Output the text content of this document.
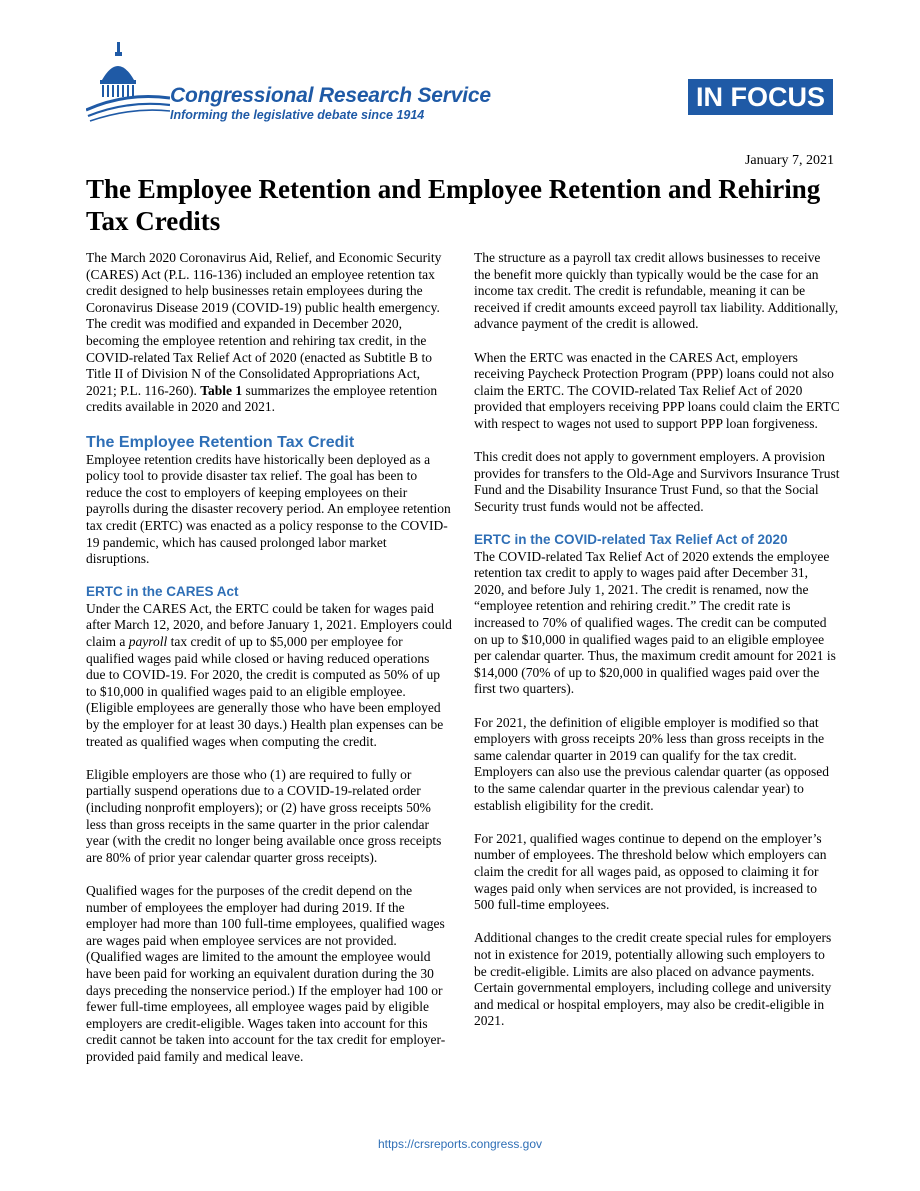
Congressional Research Service
Informing the legislative debate since 1914
IN FOCUS
January 7, 2021
The Employee Retention and Employee Retention and Rehiring Tax Credits

The March 2020 Coronavirus Aid, Relief, and Economic Security (CARES) Act (P.L. 116-136) included an employee retention tax credit designed to help businesses retain employees during the Coronavirus Disease 2019 (COVID-19) public health emergency. The credit was modified and expanded in December 2020, becoming the employee retention and rehiring tax credit, in the COVID-related Tax Relief Act of 2020 (enacted as Subtitle B to Title II of Division N of the Consolidated Appropriations Act, 2021; P.L. 116-260). Table 1 summarizes the employee retention credits available in 2020 and 2021.

The Employee Retention Tax Credit

Employee retention credits have historically been deployed as a policy tool to provide disaster tax relief. The goal has been to reduce the cost to employers of keeping employees on their payrolls during the disaster recovery period. An employee retention tax credit (ERTC) was enacted as a policy response to the COVID-19 pandemic, which has caused prolonged labor market disruptions.

ERTC in the CARES Act

Under the CARES Act, the ERTC could be taken for wages paid after March 12, 2020, and before January 1, 2021. Employers could claim a payroll tax credit of up to $5,000 per employee for qualified wages paid while closed or having reduced operations due to COVID-19. For 2020, the credit is computed as 50% of up to $10,000 in qualified wages paid to an eligible employee. (Eligible employees are generally those who have been employed by the employer for at least 30 days.) Health plan expenses can be treated as qualified wages when computing the credit.

Eligible employers are those who (1) are required to fully or partially suspend operations due to a COVID-19-related order (including nonprofit employers); or (2) have gross receipts 50% less than gross receipts in the same quarter in the prior calendar year (with the credit no longer being available once gross receipts are 80% of prior year calendar quarter gross receipts).

Qualified wages for the purposes of the credit depend on the number of employees the employer had during 2019. If the employer had more than 100 full-time employees, qualified wages are wages paid when employee services are not provided. (Qualified wages are limited to the amount the employee would have been paid for working an equivalent duration during the 30 days preceding the nonservice period.) If the employer had 100 or fewer full-time employees, all employee wages paid by eligible employers are credit-eligible. Wages taken into account for this credit cannot be taken into account for the tax credit for employer-provided paid family and medical leave.

The structure as a payroll tax credit allows businesses to receive the benefit more quickly than typically would be the case for an income tax credit. The credit is refundable, meaning it can be received if credit amounts exceed payroll tax liability. Additionally, advance payment of the credit is allowed.

When the ERTC was enacted in the CARES Act, employers receiving Paycheck Protection Program (PPP) loans could not also claim the ERTC. The COVID-related Tax Relief Act of 2020 provided that employers receiving PPP loans could claim the ERTC with respect to wages not used to support PPP loan forgiveness.

This credit does not apply to government employers. A provision provides for transfers to the Old-Age and Survivors Insurance Trust Fund and the Disability Insurance Trust Fund, so that the Social Security trust funds would not be affected.

ERTC in the COVID-related Tax Relief Act of 2020

The COVID-related Tax Relief Act of 2020 extends the employee retention tax credit to apply to wages paid after December 31, 2020, and before July 1, 2021. The credit is renamed, now the “employee retention and rehiring credit.” The credit rate is increased to 70% of qualified wages. The credit can be computed on up to $10,000 in qualified wages paid to an eligible employee per calendar quarter. Thus, the maximum credit amount for 2021 is $14,000 (70% of up to $20,000 in qualified wages paid over the first two quarters).

For 2021, the definition of eligible employer is modified so that employers with gross receipts 20% less than gross receipts in the same calendar quarter in 2019 can qualify for the tax credit. Employers can also use the previous calendar quarter (as opposed to the same calendar quarter in the previous calendar year) to establish eligibility for the credit.

For 2021, qualified wages continue to depend on the employer’s number of employees. The threshold below which employers can claim the credit for all wages paid, as opposed to claiming it for wages paid only when services are not provided, is increased to 500 full-time employees.

Additional changes to the credit create special rules for employers not in existence for 2019, potentially allowing such employers to be credit-eligible. Limits are also placed on advance payments. Certain governmental employers, including college and university and medical or hospital employers, may also be credit-eligible in 2021.

https://crsreports.congress.gov
